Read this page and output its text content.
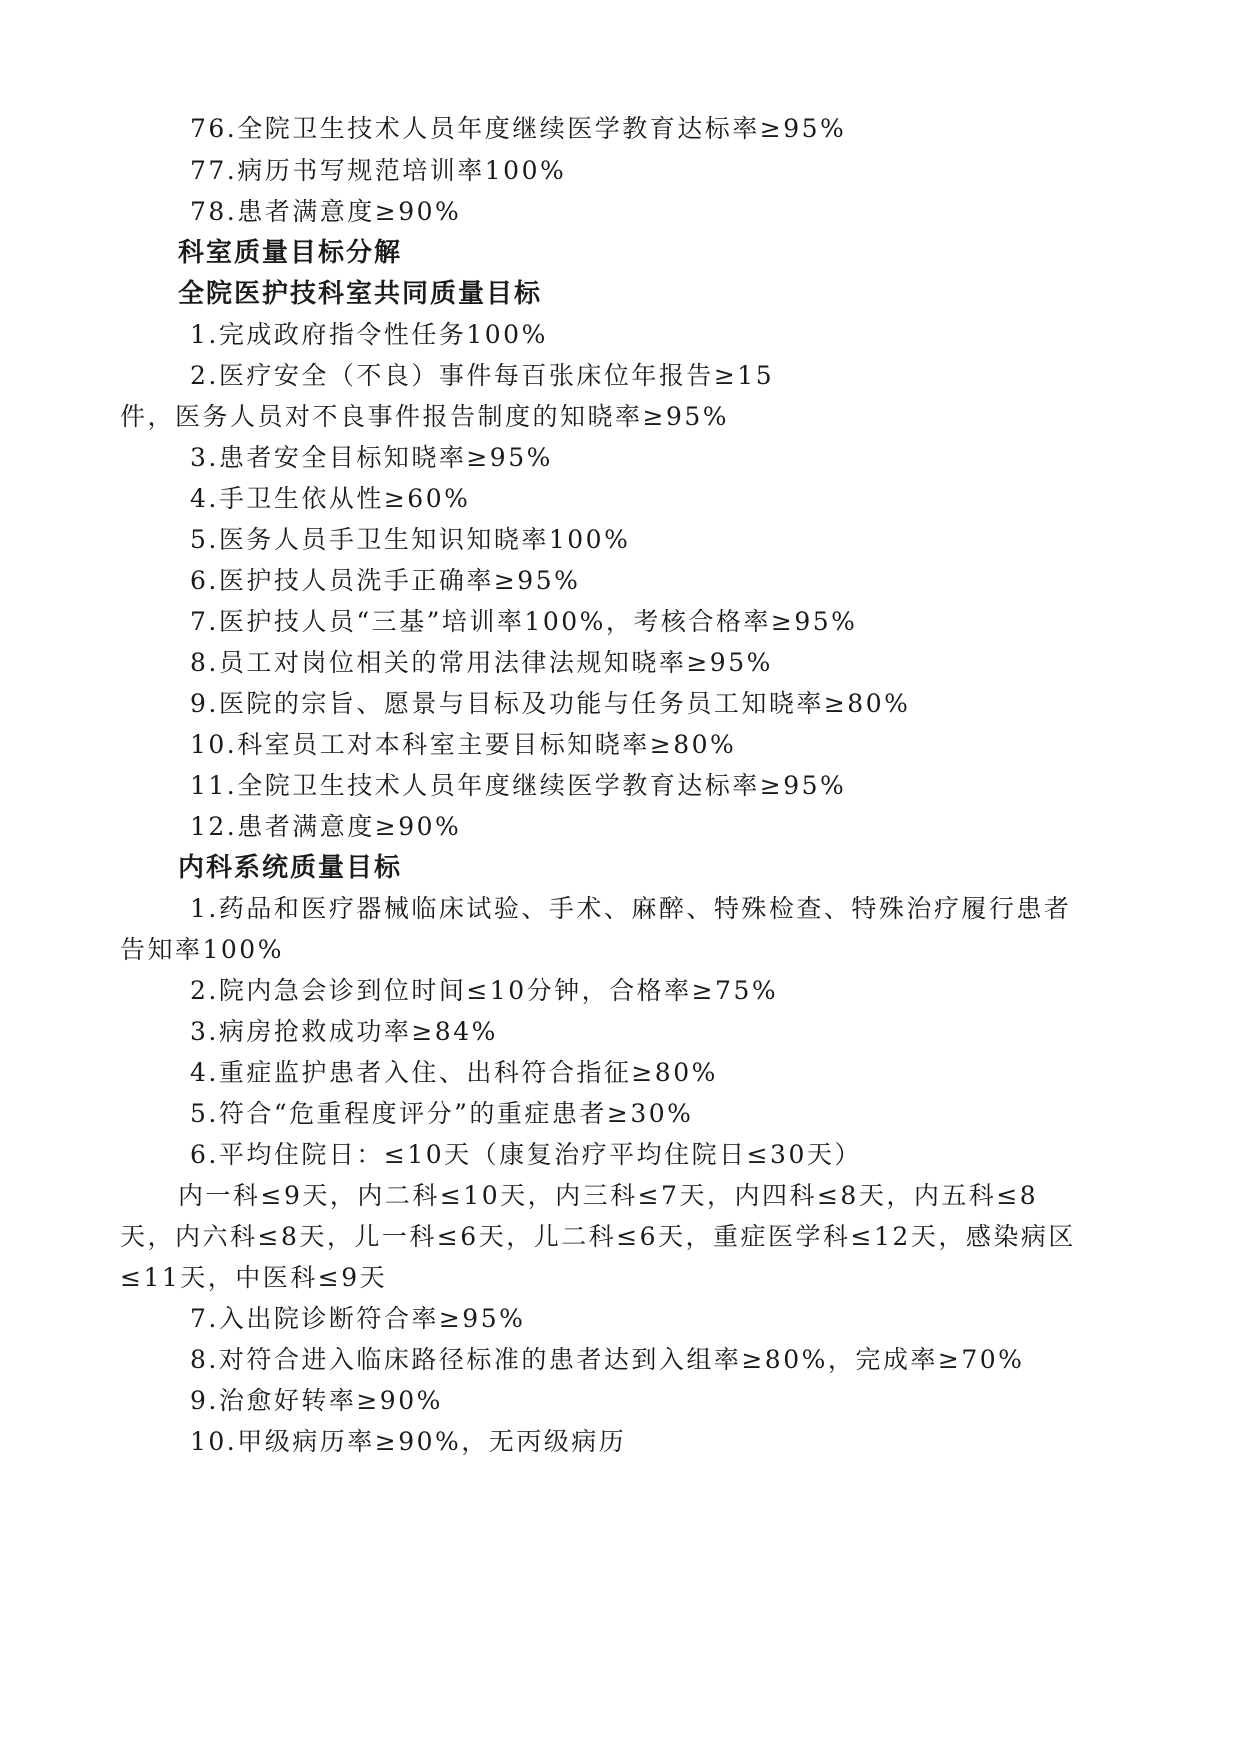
76.全院卫生技术人员年度继续医学教育达标率≥95%
77.病历书写规范培训率100%
78.患者满意度≥90%
科室质量目标分解
全院医护技科室共同质量目标
1.完成政府指令性任务100%
2.医疗安全（不良）事件每百张床位年报告≥15
件，医务人员对不良事件报告制度的知晓率≥95%
3.患者安全目标知晓率≥95%
4.手卫生依从性≥60%
5.医务人员手卫生知识知晓率100%
6.医护技人员洗手正确率≥95%
7.医护技人员“三基”培训率100%，考核合格率≥95%
8.员工对岗位相关的常用法律法规知晓率≥95%
9.医院的宗旨、愿景与目标及功能与任务员工知晓率≥80%
10.科室员工对本科室主要目标知晓率≥80%
11.全院卫生技术人员年度继续医学教育达标率≥95%
12.患者满意度≥90%
内科系统质量目标
1.药品和医疗器械临床试验、手术、麻醉、特殊检查、特殊治疗履行患者
告知率100%
2.院内急会诊到位时间≤10分钟，合格率≥75%
3.病房抢救成功率≥84%
4.重症监护患者入住、出科符合指征≥80%
5.符合“危重程度评分”的重症患者≥30%
6.平均住院日：≤10天（康复治疗平均住院日≤30天）
内一科≤9天，内二科≤10天，内三科≤7天，内四科≤8天，内五科≤8
天，内六科≤8天，儿一科≤6天，儿二科≤6天，重症医学科≤12天，感染病区
≤11天，中医科≤9天
7.入出院诊断符合率≥95%
8.对符合进入临床路径标准的患者达到入组率≥80%，完成率≥70%
9.治愈好转率≥90%
10.甲级病历率≥90%，无丙级病历
